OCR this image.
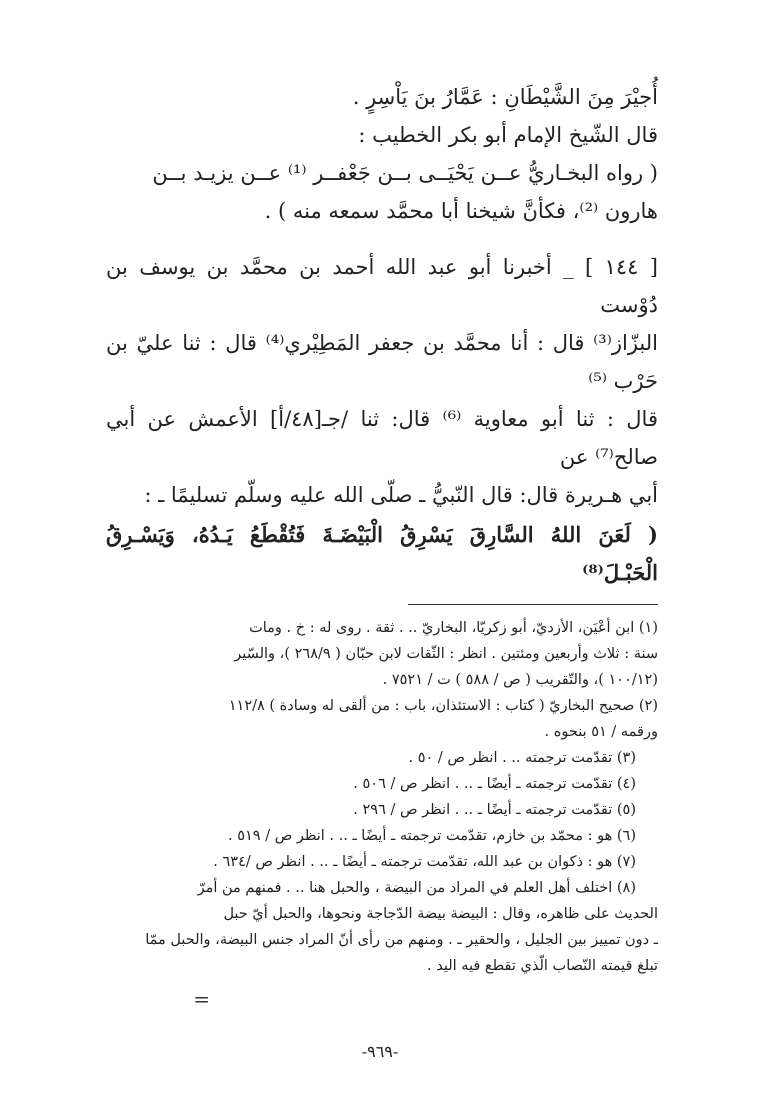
أُجيْرَ مِنَ الشَّيْطَانِ : عَمَّارُ بنَ يَاْسِرٍ .

قال الشّيخ الإمام أبو بكر الخطيب :

( رواه البخـاريُّ عــن يَحْيَــى بــن جَعْفــر ⁽¹⁾ عــن يزيـد بــن

هارون ⁽²⁾، فكأنَّ شيخنا أبا محمَّد سمعه منه ) .

[ ١٤٤ ] _ أخبرنا أبو عبد الله أحمد بن محمَّد بن يوسف بن دُوْست

البزّاز⁽³⁾ قال : أنا محمَّد بن جعفر المَطِيْري⁽⁴⁾ قال : ثنا عليّ بن حَرْب ⁽⁵⁾

قال : ثنا أبو معاوية ⁽⁶⁾ قال: ثنا /جـ[٤٨/أ] الأعمش عن أبي صالح⁽⁷⁾ عن

أبي هـريرة قال: قال النّبيُّ ـ صلّى الله عليه وسلّم تسليمًا ـ :

( لَعَنَ اللهُ السَّارِقَ يَسْرِقُ الْبَيْضَـةَ فَتُقْطَعُ يَـدُهُ، وَيَسْـرِقُ الْحَبْـلَ⁽⁸⁾

(١) ابن أعْيَن، الأزديّ، أبو زكريّا، البخاريّ .. . ثقة . روى له : خ . ومات

سنة : ثلاث وأربعين ومئتين . انظر : الثّقات لابن حبّان ( ٢٦٨/٩ )، والسّير

(١٠٠/١٢ )، والتّقريب ( ص / ٥٨٨ ) ت / ٧٥٢١ .

(٢) صحيح البخاريّ ( كتاب : الاستئذان، باب : من ألقى له وسادة ) ١١٢/٨

ورقمه / ٥١ بنحوه .

(٣) تقدّمت ترجمته .. . انظر ص / ٥٠ .

(٤) تقدّمت ترجمته ـ أيضًا ـ .. . انظر ص / ٥٠٦ .

(٥) تقدّمت ترجمته ـ أيضًا ـ .. . انظر ص / ٢٩٦ .

(٦) هو : محمّد بن خازم، تقدّمت ترجمته ـ أيضًا ـ .. . انظر ص / ٥١٩ .

(٧) هو : ذكوان بن عبد الله، تقدّمت ترجمته ـ أيضًا ـ .. . انظر ص /٦٣٤ .

(٨) اختلف أهل العلم في المراد من البيضة ، والحبل هنا .. . فمنهم من أمرّ

الحديث على ظاهره، وقال : البيضة بيضة الدّجاجة ونحوها، والحبل أيّ حبل

ـ دون تمييز بين الجليل ، والحقير ـ . ومنهم من رأى أنّ المراد جنس البيضة، والحبل ممّا

تبلغ قيمته النّصاب الّذي تقطع فيه اليد .

=
-٩٦٩-
